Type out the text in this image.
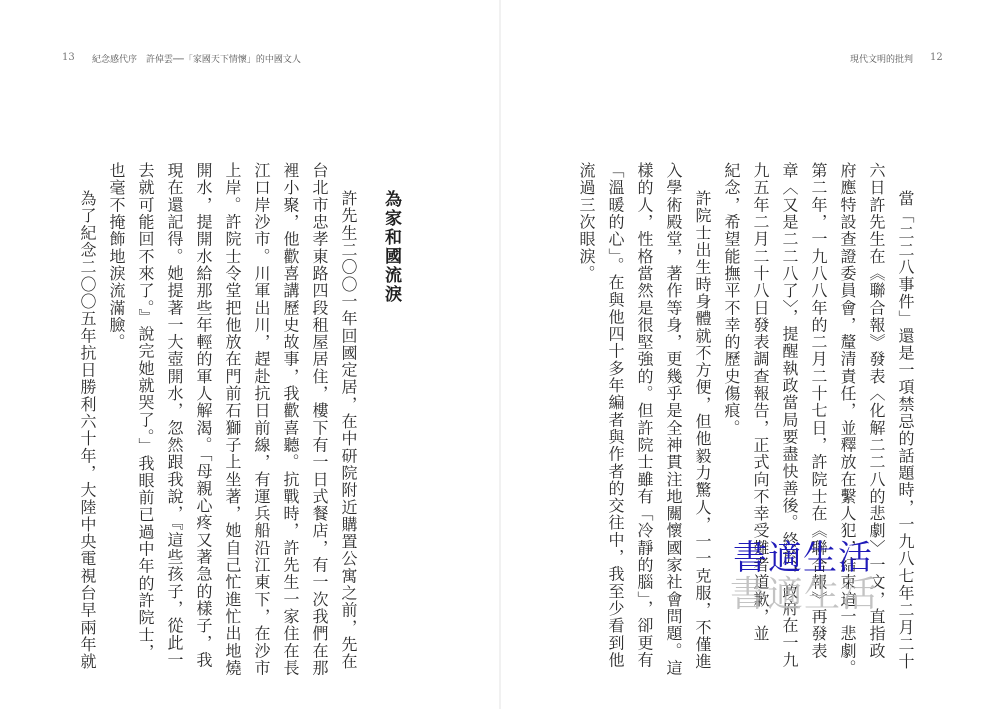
13 紀念感代序　許倬雲──「家國天下情懷」的中國文人
為家和國流淚
許先生二〇〇一年回國定居，在中研院附近購置公寓之前，先在
台北市忠孝東路四段租屋居住，樓下有一日式餐店，有一次我們在那
裡小聚，他歡喜講歷史故事，我歡喜聽。抗戰時，許先生一家住在長
江口岸沙市。川軍出川，趕赴抗日前線，有運兵船沿江東下，在沙市
上岸。許院士令堂把他放在門前石獅子上坐著，她自己忙進忙出地燒
開水，提開水給那些年輕的軍人解渴。「母親心疼又著急的樣子，我
現在還記得。她提著一大壺開水，忽然跟我說，『這些孩子，從此一
去就可能回不來了。』說完她就哭了。」我眼前已過中年的許院士，
也毫不掩飾地淚流滿臉。
為了紀念二〇〇五年抗日勝利六十年，大陸中央電視台早兩年就
現代文明的批判 12
當「二二八事件」還是一項禁忌的話題時，一九八七年二月二十
六日許先生在《聯合報》發表〈化解二二八的悲劇〉一文，直指政
府應特設查證委員會，釐清責任，並釋放在繫人犯，結束這一悲劇。
第二年，一九八八年的二月二十七日，許院士在《聯合報》再發表
章〈又是二二八了〉，提醒執政當局要盡快善後。終於，政府在一九
九五年二月二十八日發表調查報告，正式向不幸受難者道歉，並
紀念，希望能撫平不幸的歷史傷痕。
許院士出生時身體就不方便，但他毅力驚人，一一克服，不僅進
入學術殿堂，著作等身，更幾乎是全神貫注地關懷國家社會問題。這
樣的人，性格當然是很堅強的。但許院士雖有「冷靜的腦」，卻更有
「溫暖的心」。在與他四十多年編者與作者的交往中，我至少看到他
流過三次眼淚。
書適生活
書適生活
